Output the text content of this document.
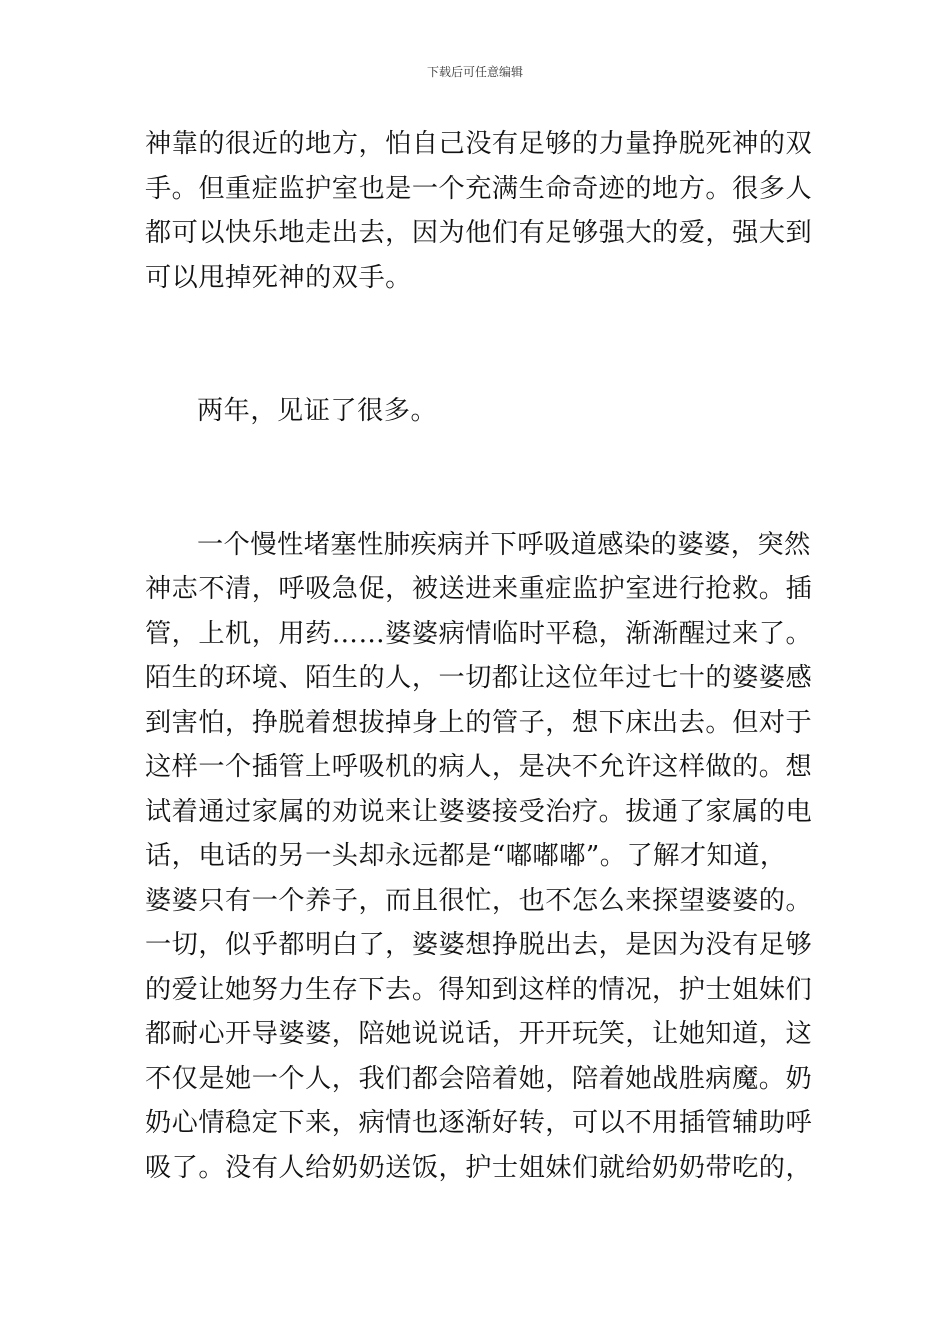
下载后可任意编辑

神靠的很近的地方，怕自己没有足够的力量挣脱死神的双
手。但重症监护室也是一个充满生命奇迹的地方。很多人
都可以快乐地走出去，因为他们有足够强大的爱，强大到
可以甩掉死神的双手。

两年，见证了很多。

一个慢性堵塞性肺疾病并下呼吸道感染的婆婆，突然
神志不清，呼吸急促，被送进来重症监护室进行抢救。插
管，上机，用药……婆婆病情临时平稳，渐渐醒过来了。
陌生的环境、陌生的人，一切都让这位年过七十的婆婆感
到害怕，挣脱着想拔掉身上的管子，想下床出去。但对于
这样一个插管上呼吸机的病人，是决不允许这样做的。想
试着通过家属的劝说来让婆婆接受治疗。拔通了家属的电
话，电话的另一头却永远都是“嘟嘟嘟”。了解才知道，
婆婆只有一个养子，而且很忙，也不怎么来探望婆婆的。
一切，似乎都明白了，婆婆想挣脱出去，是因为没有足够
的爱让她努力生存下去。得知到这样的情况，护士姐妹们
都耐心开导婆婆，陪她说说话，开开玩笑，让她知道，这
不仅是她一个人，我们都会陪着她，陪着她战胜病魔。奶
奶心情稳定下来，病情也逐渐好转，可以不用插管辅助呼
吸了。没有人给奶奶送饭，护士姐妹们就给奶奶带吃的，
